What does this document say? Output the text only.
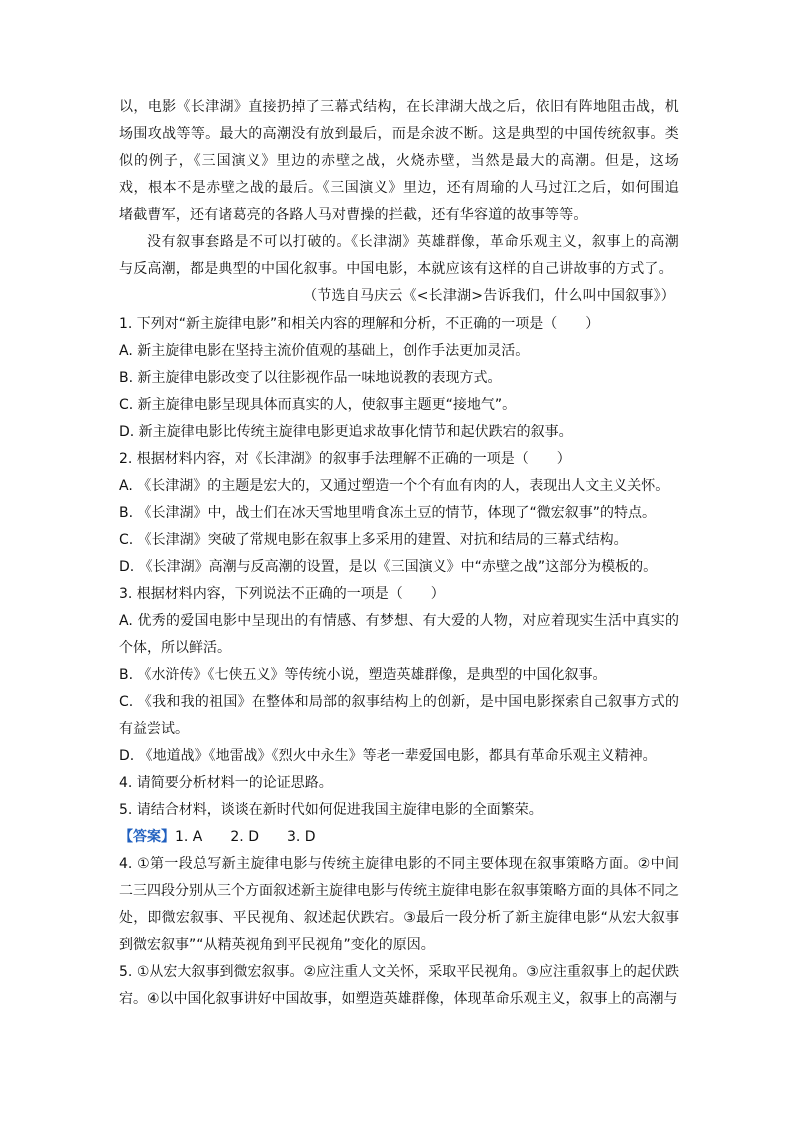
以，电影《长津湖》直接扔掉了三幕式结构，在长津湖大战之后，依旧有阵地阻击战，机场围攻战等等。最大的高潮没有放到最后，而是余波不断。这是典型的中国传统叙事。类似的例子，《三国演义》里边的赤壁之战，火烧赤壁，当然是最大的高潮。但是，这场戏，根本不是赤壁之战的最后。《三国演义》里边，还有周瑜的人马过江之后，如何围追堵截曹军，还有诸葛亮的各路人马对曹操的拦截，还有华容道的故事等等。

没有叙事套路是不可以打破的。《长津湖》英雄群像，革命乐观主义，叙事上的高潮与反高潮，都是典型的中国化叙事。中国电影，本就应该有这样的自己讲故事的方式了。

（节选自马庆云《<长津湖>告诉我们，什么叫中国叙事》）

1. 下列对“新主旋律电影”和相关内容的理解和分析，不正确的一项是（　　）

A. 新主旋律电影在坚持主流价值观的基础上，创作手法更加灵活。

B. 新主旋律电影改变了以往影视作品一味地说教的表现方式。

C. 新主旋律电影呈现具体而真实的人，使叙事主题更“接地气”。

D. 新主旋律电影比传统主旋律电影更追求故事化情节和起伏跌宕的叙事。

2. 根据材料内容，对《长津湖》的叙事手法理解不正确的一项是（　　）

A. 《长津湖》的主题是宏大的，又通过塑造一个个有血有肉的人，表现出人文主义关怀。

B. 《长津湖》中，战士们在冰天雪地里啃食冻土豆的情节，体现了“微宏叙事”的特点。

C. 《长津湖》突破了常规电影在叙事上多采用的建置、对抗和结局的三幕式结构。

D. 《长津湖》高潮与反高潮的设置，是以《三国演义》中“赤壁之战”这部分为模板的。

3. 根据材料内容，下列说法不正确的一项是（　　）

A. 优秀的爱国电影中呈现出的有情感、有梦想、有大爱的人物，对应着现实生活中真实的个体，所以鲜活。

B. 《水浒传》《七侠五义》等传统小说，塑造英雄群像，是典型的中国化叙事。

C. 《我和我的祖国》在整体和局部的叙事结构上的创新，是中国电影探索自己叙事方式的有益尝试。

D. 《地道战》《地雷战》《烈火中永生》等老一辈爱国电影，都具有革命乐观主义精神。

4. 请简要分析材料一的论证思路。

5. 请结合材料，谈谈在新时代如何促进我国主旋律电影的全面繁荣。

【答案】1. A　　2. D　　3. D

4. ①第一段总写新主旋律电影与传统主旋律电影的不同主要体现在叙事策略方面。②中间二三四段分别从三个方面叙述新主旋律电影与传统主旋律电影在叙事策略方面的具体不同之处，即微宏叙事、平民视角、叙述起伏跌宕。③最后一段分析了新主旋律电影“从宏大叙事到微宏叙事”“从精英视角到平民视角”变化的原因。

5. ①从宏大叙事到微宏叙事。②应注重人文关怀，采取平民视角。③应注重叙事上的起伏跌宕。④以中国化叙事讲好中国故事，如塑造英雄群像，体现革命乐观主义，叙事上的高潮与
